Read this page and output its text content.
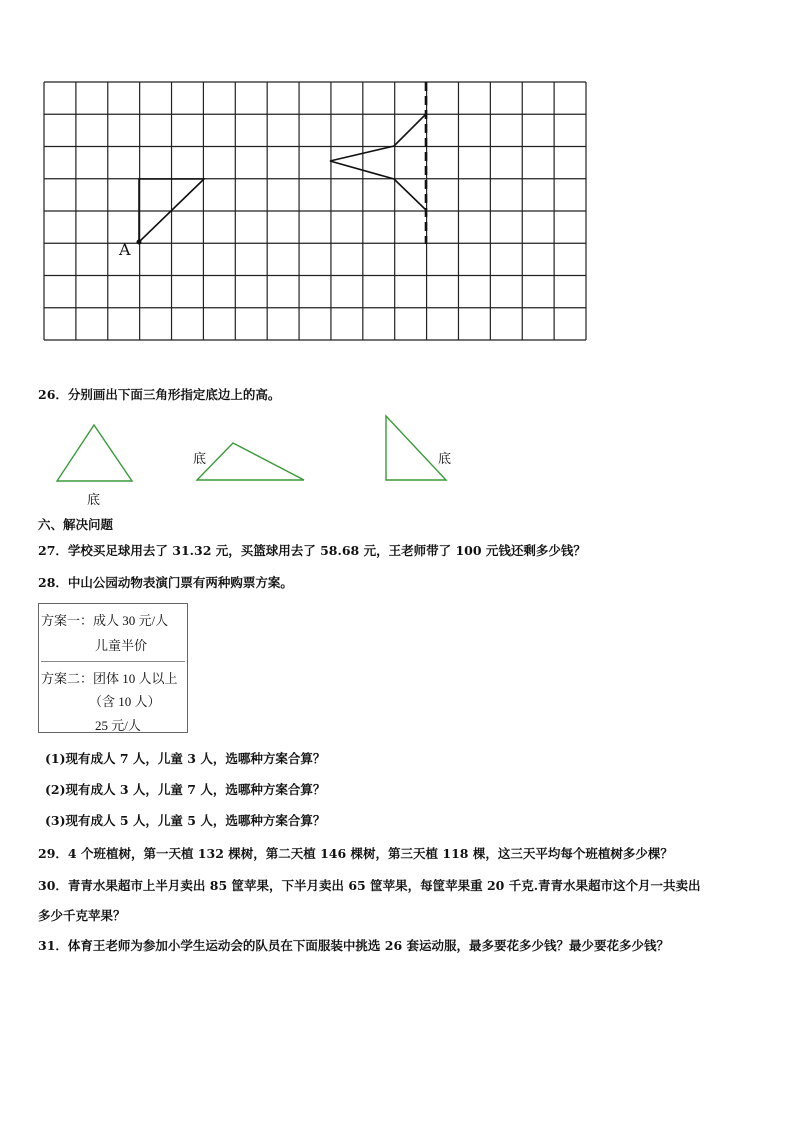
A
26．分别画出下面三角形指定底边上的高。
底
底	底
六、解决问题
27．学校买足球用去了 31.32 元，买篮球用去了 58.68 元，王老师带了 100 元钱还剩多少钱？
28．中山公园动物表演门票有两种购票方案。
方案一：成人 30 元/人
儿童半价
方案二：团体 10 人以上
（含 10 人）
25 元/人
(1)现有成人 7 人，儿童 3 人，选哪种方案合算？
(2)现有成人 3 人，儿童 7 人，选哪种方案合算？
(3)现有成人 5 人，儿童 5 人，选哪种方案合算？
29．4 个班植树，第一天植 132 棵树，第二天植 146 棵树，第三天植 118 棵，这三天平均每个班植树多少棵？
30．青青水果超市上半月卖出 85 筐苹果，下半月卖出 65 筐苹果，每筐苹果重 20 千克.青青水果超市这个月一共卖出
多少千克苹果？
31．体育王老师为参加小学生运动会的队员在下面服装中挑选 26 套运动服，最多要花多少钱？最少要花多少钱？
